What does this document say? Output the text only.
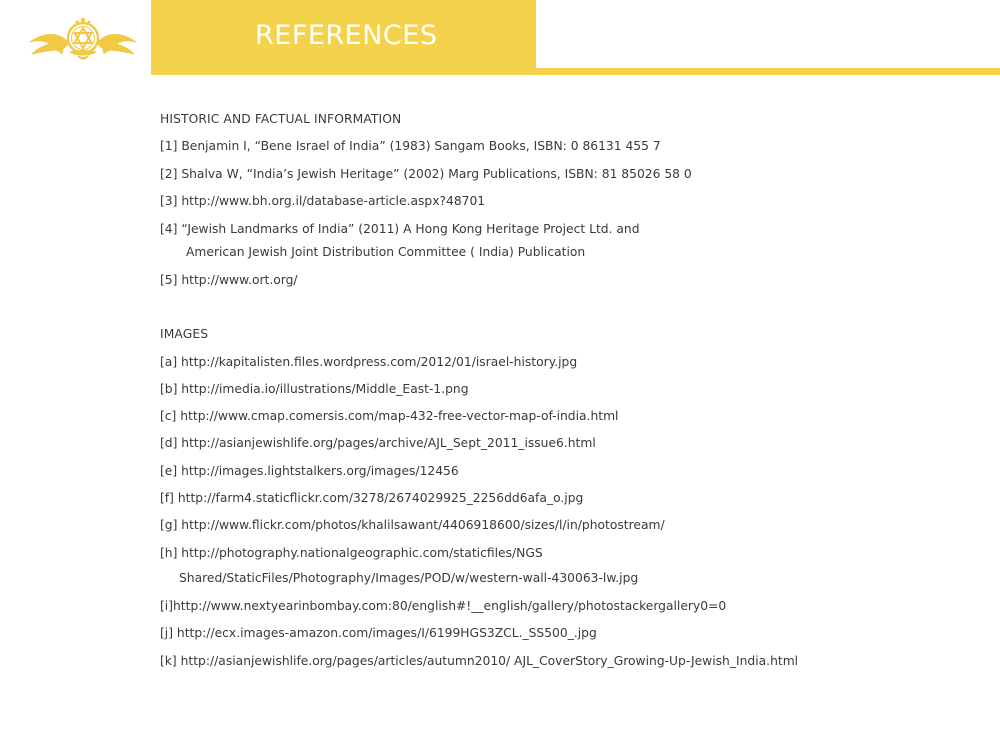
REFERENCES
HISTORIC AND FACTUAL INFORMATION
[1] Benjamin I, “Bene Israel of India” (1983) Sangam Books, ISBN: 0 86131 455 7
[2] Shalva W, “India’s Jewish Heritage” (2002) Marg Publications, ISBN: 81 85026 58 0
[3] http://www.bh.org.il/database-article.aspx?48701
[4] “Jewish Landmarks of India” (2011) A Hong Kong Heritage Project Ltd. and
American Jewish Joint Distribution Committee ( India) Publication
[5] http://www.ort.org/
IMAGES
[a] http://kapitalisten.files.wordpress.com/2012/01/israel-history.jpg
[b] http://imedia.io/illustrations/Middle_East-1.png
[c] http://www.cmap.comersis.com/map-432-free-vector-map-of-india.html
[d] http://asianjewishlife.org/pages/archive/AJL_Sept_2011_issue6.html
[e] http://images.lightstalkers.org/images/12456
[f] http://farm4.staticflickr.com/3278/2674029925_2256dd6afa_o.jpg
[g] http://www.flickr.com/photos/khalilsawant/4406918600/sizes/l/in/photostream/
[h] http://photography.nationalgeographic.com/staticfiles/NGS
Shared/StaticFiles/Photography/Images/POD/w/western-wall-430063-lw.jpg
[i]http://www.nextyearinbombay.com:80/english#!__english/gallery/photostackergallery0=0
[j] http://ecx.images-amazon.com/images/I/6199HGS3ZCL._SS500_.jpg
[k] http://asianjewishlife.org/pages/articles/autumn2010/ AJL_CoverStory_Growing-Up-Jewish_India.html
